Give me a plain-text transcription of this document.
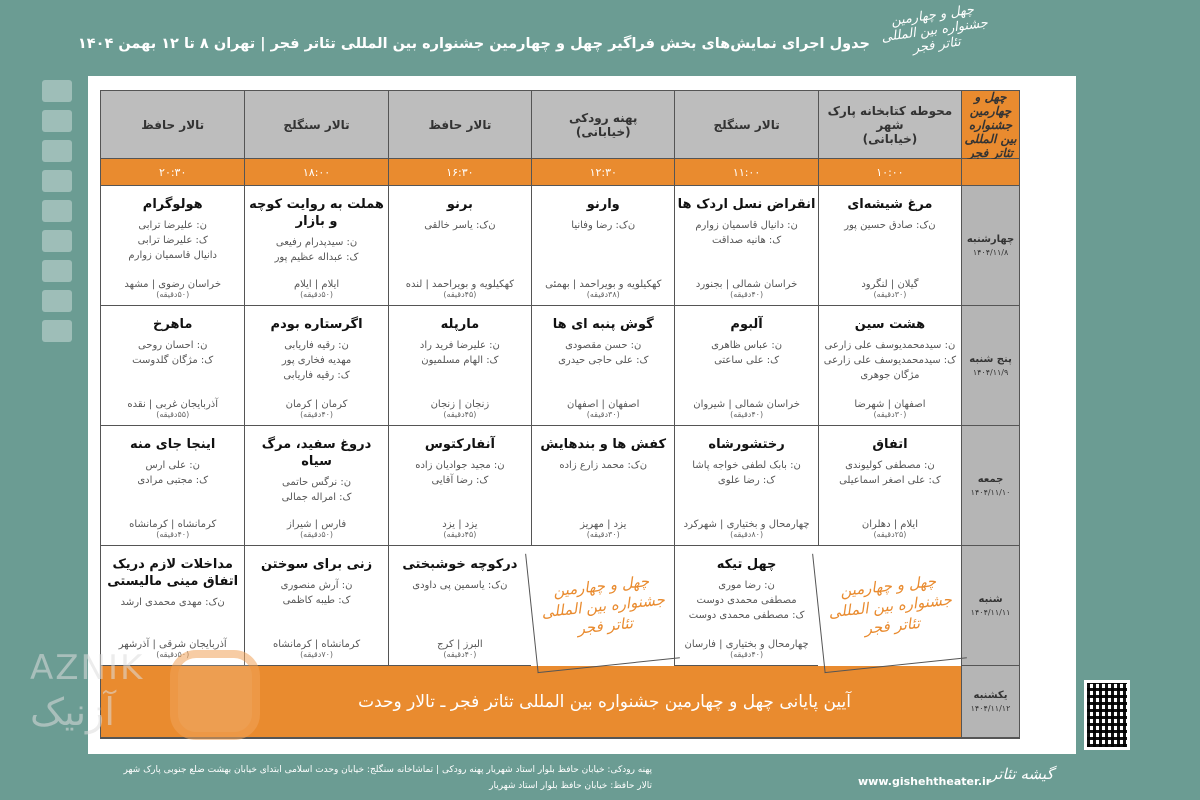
چهل و چهارمین جشنواره بین المللی تئاتر فجر
جدول اجرای نمایش‌های بخش فراگیر چهل و چهارمین جشنواره بین المللی تئاتر فجر | تهران ۸ تا ۱۲ بهمن ۱۴۰۴
چهل و چهارمین جشنواره بین المللی تئاتر فجر
محوطه کتابخانه پارک شهر
(خیابانی)
تالار سنگلج
پهنه رودکی
(خیابانی)
تالار حافظ
تالار سنگلج
تالار حافظ
۱۰:۰۰
۱۱:۰۰
۱۲:۳۰
۱۶:۳۰
۱۸:۰۰
۲۰:۳۰
چهارشنبه
۱۴۰۴/۱۱/۸
مرغ شیشه‌ای
ن‌ک: صادق حسین پور
گیلان | لنگرود
(۳۰دقیقه)
انقراض نسل اردک ها
ن: دانیال قاسمیان زوارم
ک: هانیه صداقت
خراسان شمالی | بجنورد
(۴۰دقیقه)
وارنو
ن‌ک: رضا وفانیا
کهکیلویه و بویراحمد | بهمئی
(۳۸دقیقه)
برنو
ن‌ک: یاسر خالقی
کهکیلویه و بویراحمد | لنده
(۴۵دقیقه)
هملت به روایت کوچه و بازار
ن: سیدپدرام رفیعی
ک: عبداله عظیم پور
ایلام | ایلام
(۵۰دقیقه)
هولوگرام
ن: علیرضا ترابی
ک: علیرضا ترابی
دانیال قاسمیان زوارم
خراسان رضوی | مشهد
(۵۰دقیقه)
پنج شنبه
۱۴۰۴/۱۱/۹
هشت سین
ن: سیدمحمدیوسف علی زارعی
ک: سیدمحمدیوسف علی زارعی
مژگان جوهری
اصفهان | شهرضا
(۳۰دقیقه)
آلبوم
ن: عباس ظاهری
ک: علی ساعتی
خراسان شمالی | شیروان
(۴۰دقیقه)
گوش پنبه ای ها
ن: حسن مقصودی
ک: علی حاجی حیدری
اصفهان | اصفهان
(۳۰دقیقه)
مارپله
ن: علیرضا فرید راد
ک: الهام مسلمیون
زنجان | زنجان
(۴۵دقیقه)
اگرستاره بودم
ن: رقیه فاریابی
مهدیه فخاری پور
ک: رقیه فاریابی
کرمان | کرمان
(۴۰دقیقه)
ماهرخ
ن: احسان روحی
ک: مژگان گلدوست
آذربایجان غربی | نقده
(۵۵دقیقه)
جمعه
۱۴۰۴/۱۱/۱۰
اتفاق
ن: مصطفی کولیوندی
ک: علی اصغر اسماعیلی
ایلام | دهلران
(۲۵دقیقه)
رختشورشاه
ن: بابک لطفی خواجه پاشا
ک: رضا علوی
چهارمحال و بختیاری | شهرکرد
(۸۰دقیقه)
کفش ها و بندهایش
ن‌ک: محمد زارع زاده
یزد | مهریز
(۳۰دقیقه)
آنفارکتوس
ن: مجید جوادیان زاده
ک: رضا آقایی
یزد | یزد
(۴۵دقیقه)
دروغ سفید، مرگ سیاه
ن: نرگس حاتمی
ک: امراله جمالی
فارس | شیراز
(۵۰دقیقه)
اینجا جای منه
ن: علی ارس
ک: مجتبی مرادی
کرمانشاه | کرمانشاه
(۴۰دقیقه)
شنبه
۱۴۰۴/۱۱/۱۱
چهل و چهارمین جشنواره بین المللی تئاتر فجر
چهل تیکه
ن: رضا موری
مصطفی محمدی دوست
ک: مصطفی محمدی دوست
چهارمحال و بختیاری | فارسان
(۴۰دقیقه)
چهل و چهارمین جشنواره بین المللی تئاتر فجر
درکوچه خوشبختی
ن‌ک: یاسمین پی داودی
البرز | کرج
(۴۰دقیقه)
زنی برای سوختن
ن: آرش منصوری
ک: طیبه کاظمی
کرمانشاه | کرمانشاه
(۷۰دقیقه)
مداخلات لازم دریک اتفاق مینی مالیستی
ن‌ک: مهدی محمدی ارشد
آذربایجان شرقی | آذرشهر
(۵۰دقیقه)
یکشنبه
۱۴۰۴/۱۱/۱۲
آیین پایانی چهل و چهارمین جشنواره بین المللی تئاتر فجر ـ تالار وحدت
پهنه رودکی: خیابان حافظ بلوار استاد شهریار پهنه رودکی | تماشاخانه سنگلج: خیابان وحدت اسلامی ابتدای خیابان بهشت ضلع جنوبی پارک شهر
تالار حافظ: خیابان حافظ بلوار استاد شهریار	www.gishehtheater.ir
گیشه تئاتر
AZNIK
آزنیک
